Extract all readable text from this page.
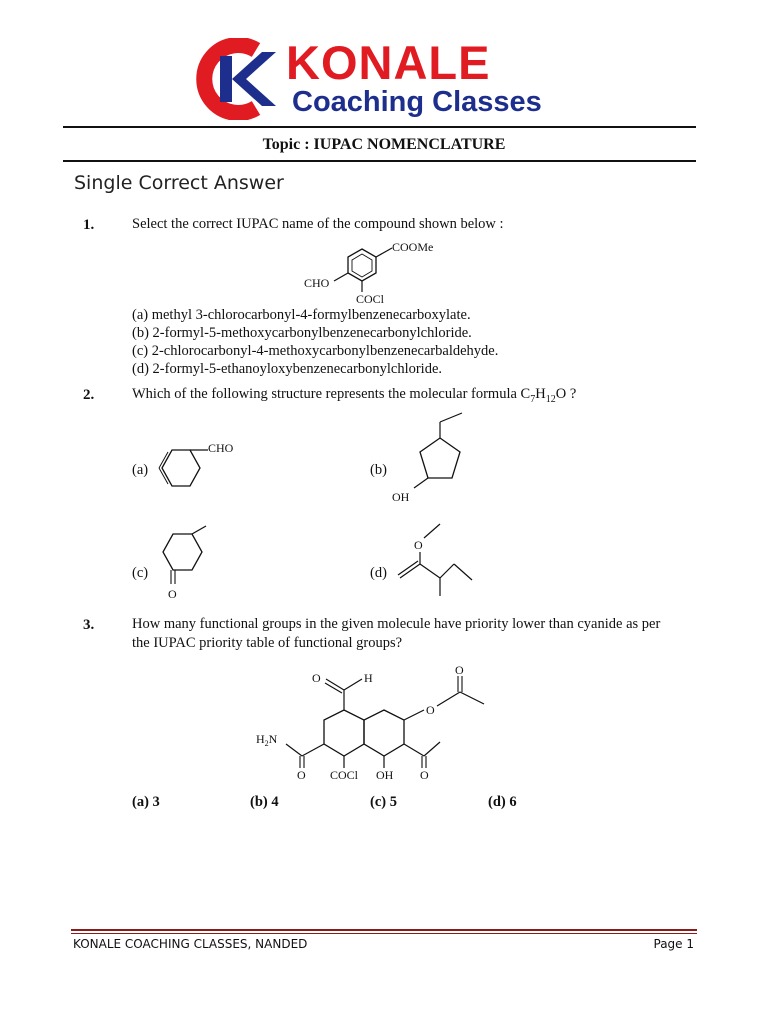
KONALE
Coaching Classes
Topic : IUPAC NOMENCLATURE
Single Correct Answer
1.	Select the correct IUPAC name of the compound shown below :
COOMe
CHO
COCl
(a) methyl 3-chlorocarbonyl-4-formylbenzenecarboxylate.
(b) 2-formyl-5-methoxycarbonylbenzenecarbonylchloride.
(c) 2-chlorocarbonyl-4-methoxycarbonylbenzenecarbaldehyde.
(d) 2-formyl-5-ethanoyloxybenzenecarbonylchloride.
2.	Which of the following structure represents the molecular formula $C_7H_{12}O$ ?
(a)
CHO
(b)
OH
(c)
O
(d)
O
3.	How many functional groups in the given molecule have priority lower than cyanide as per
the IUPAC priority table of functional groups?
O	H
O
O
$H_2N$
O COCl OH O
(a) 3	(b) 4	(c) 5	(d) 6
KONALE COACHING CLASSES, NANDED	Page 1
